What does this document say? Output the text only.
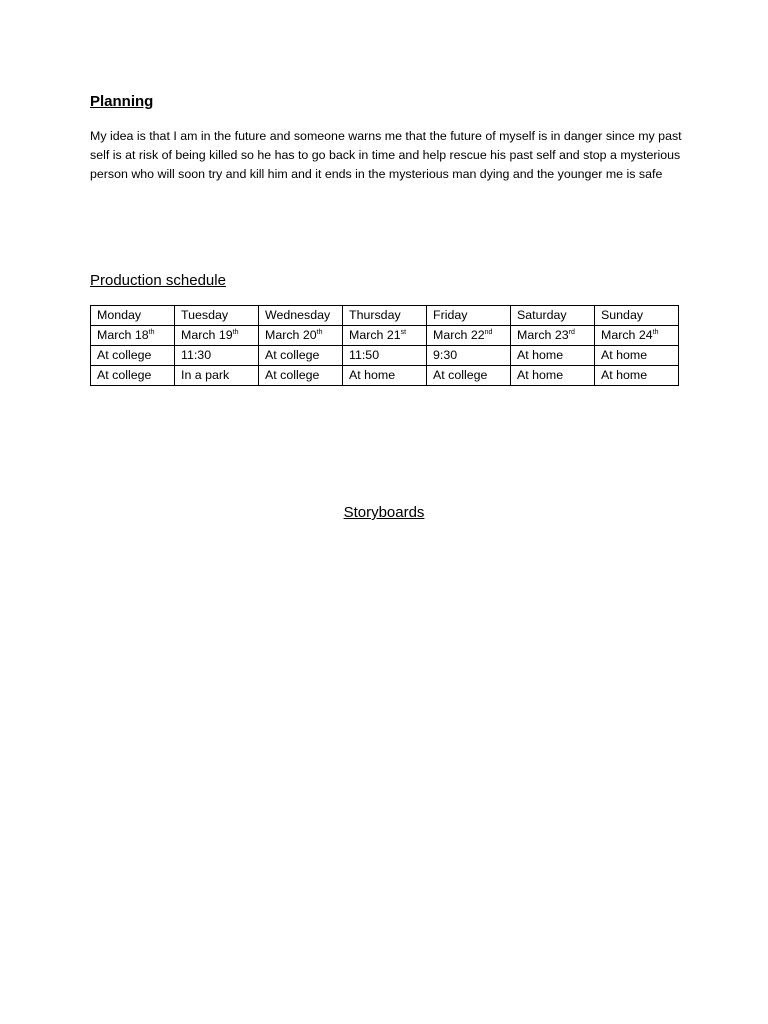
Planning

My idea is that I am in the future and someone warns me that the future of myself is in danger since my past self is at risk of being killed so he has to go back in time and help rescue his past self and stop a mysterious person who will soon try and kill him and it ends in the mysterious man dying and the younger me is safe

Production schedule
Monday	Tuesday	Wednesday	Thursday	Friday	Saturday	Sunday
March 18th	March 19th	March 20th	March 21st	March 22nd	March 23rd	March 24th
At college	11:30	At college	11:50	9:30	At home	At home
At college	In a park	At college	At home	At college	At home	At home
Storyboards
